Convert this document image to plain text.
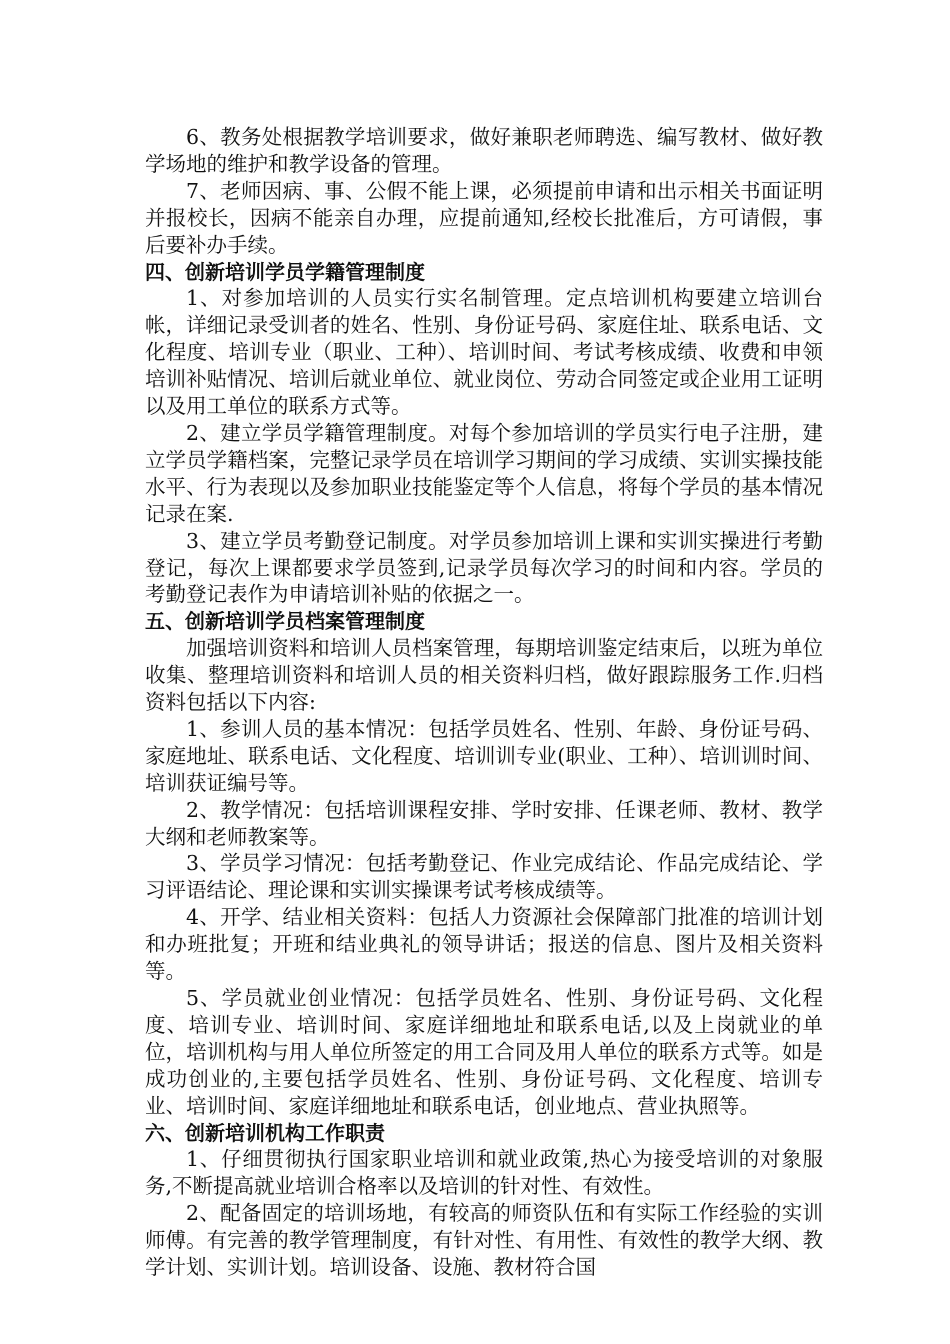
6、教务处根据教学培训要求，做好兼职老师聘选、编写教材、做好教学场地的维护和教学设备的管理。

7、老师因病、事、公假不能上课，必须提前申请和出示相关书面证明并报校长，因病不能亲自办理，应提前通知,经校长批准后，方可请假，事后要补办手续。

四、创新培训学员学籍管理制度

1、对参加培训的人员实行实名制管理。定点培训机构要建立培训台帐，详细记录受训者的姓名、性别、身份证号码、家庭住址、联系电话、文化程度、培训专业（职业、工种）、培训时间、考试考核成绩、收费和申领培训补贴情况、培训后就业单位、就业岗位、劳动合同签定或企业用工证明以及用工单位的联系方式等。

2、建立学员学籍管理制度。对每个参加培训的学员实行电子注册，建立学员学籍档案，完整记录学员在培训学习期间的学习成绩、实训实操技能水平、行为表现以及参加职业技能鉴定等个人信息，将每个学员的基本情况记录在案.

3、建立学员考勤登记制度。对学员参加培训上课和实训实操进行考勤登记，每次上课都要求学员签到,记录学员每次学习的时间和内容。学员的考勤登记表作为申请培训补贴的依据之一。

五、创新培训学员档案管理制度

加强培训资料和培训人员档案管理，每期培训鉴定结束后，以班为单位收集、整理培训资料和培训人员的相关资料归档，做好跟踪服务工作.归档资料包括以下内容:

1、参训人员的基本情况：包括学员姓名、性别、年龄、身份证号码、家庭地址、联系电话、文化程度、培训训专业(职业、工种）、培训训时间、培训获证编号等。

2、教学情况：包括培训课程安排、学时安排、任课老师、教材、教学大纲和老师教案等。

3、学员学习情况：包括考勤登记、作业完成结论、作品完成结论、学习评语结论、理论课和实训实操课考试考核成绩等。

4、开学、结业相关资料：包括人力资源社会保障部门批准的培训计划和办班批复；开班和结业典礼的领导讲话；报送的信息、图片及相关资料等。

5、学员就业创业情况：包括学员姓名、性别、身份证号码、文化程度、培训专业、培训时间、家庭详细地址和联系电话,以及上岗就业的单位，培训机构与用人单位所签定的用工合同及用人单位的联系方式等。如是成功创业的,主要包括学员姓名、性别、身份证号码、文化程度、培训专业、培训时间、家庭详细地址和联系电话，创业地点、营业执照等。

六、创新培训机构工作职责

1、仔细贯彻执行国家职业培训和就业政策,热心为接受培训的对象服务,不断提高就业培训合格率以及培训的针对性、有效性。

2、配备固定的培训场地，有较高的师资队伍和有实际工作经验的实训师傅。有完善的教学管理制度，有针对性、有用性、有效性的教学大纲、教学计划、实训计划。培训设备、设施、教材符合国
